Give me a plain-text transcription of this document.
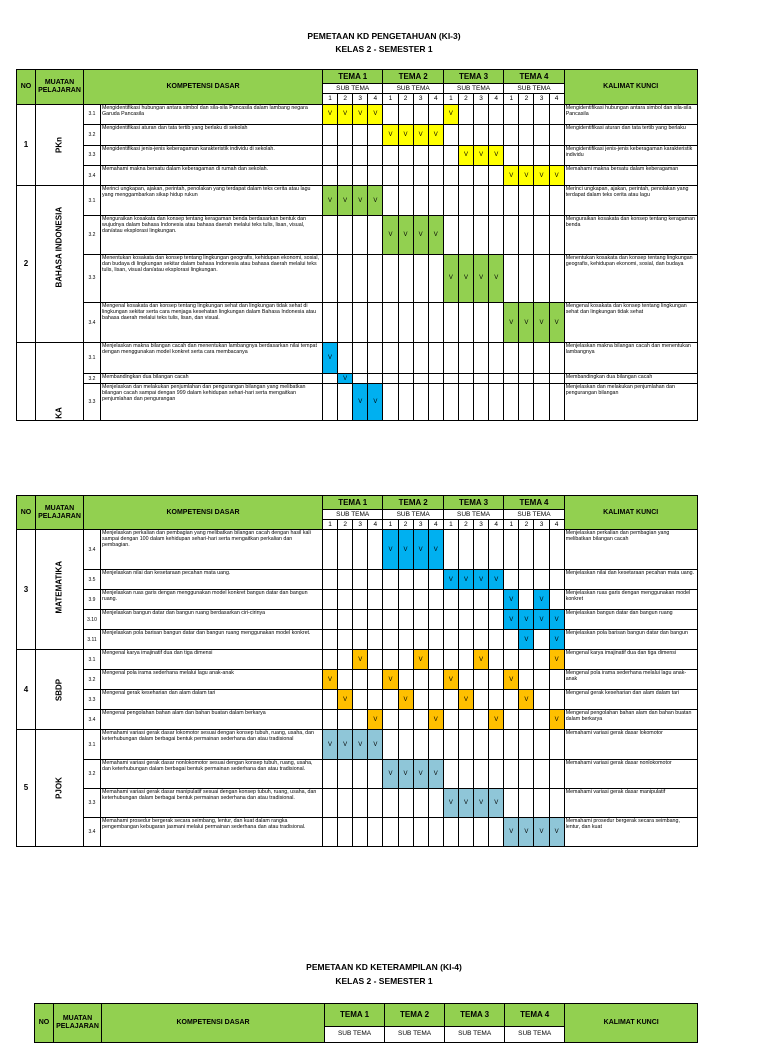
PEMETAAN KD PENGETAHUAN (KI-3)
KELAS 2 - SEMESTER 1
NO	MUATAN PELAJARAN	KOMPETENSI DASAR		TEMA 1				TEMA 2				TEMA 3				TEMA 4				KALIMAT KUNCI	
				SUB TEMA				SUB TEMA				SUB TEMA				SUB TEMA					
				1	2	3	4	1	2	3	4	1	2	3	4	1	2	3	4				
1	PKn	3.1	Mengidentifikasi hubungan antara simbol dan sila-sila Pancasila dalam lambang negara Garuda Pancasila	V	V	V	V					V								Mengidentifikasi hubungan antara simbol dan sila-sila Pancasila	
		3.2	Mengidentifikasi aturan dan tata tertib yang berlaku di sekolah					V	V	V	V									Mengidentifikasi aturan dan tata tertib yang berlaku	
		3.3	Mengidentifikasi jenis-jenis keberagaman karakteristik individu di sekolah.										V	V	V					Mengidentifikasi jenis-jenis keberagaman karakteristik individu	
		3.4	Memahami makna bersatu dalam keberagaman di rumah dan sekolah.													V	V	V	V	Memahami makna bersatu dalam keberagaman	
2	BAHASA INDONESIA	3.1	Merinci ungkapan, ajakan, perintah, penolakan yang terdapat dalam teks cerita atau lagu yang menggambarkan sikap hidup rukun	V	V	V	V													Merinci ungkapan, ajakan, perintah, penolakan yang terdapat dalam teks cerita atau lagu	
		3.2	Menguraikan kosakata dan konsep tentang keragaman benda berdasarkan bentuk dan wujudnya dalam bahasa Indonesia atau bahasa daerah melalui teks tulis, lisan, visual, dan/atau eksplorasi lingkungan.					V	V	V	V									Menguraikan kosakata dan konsep tentang keragaman benda	
		3.3	Menentukan kosakata dan konsep tentang lingkungan geografis, kehidupan ekonomi, sosial, dan budaya di lingkungan sekitar dalam bahasa Indonesia atau bahasa daerah melalui teks tulis, lisan, visual dan/atau eksplorasi lingkungan.									V	V	V	V					Menentukan kosakata dan konsep tentang lingkungan geografis, kehidupan ekonomi, sosial, dan budaya	
		3.4	Mengenal kosakata dan konsep tentang lingkungan sehat dan lingkungan tidak sehat di lingkungan sekitar serta cara menjaga kesehatan lingkungan dalam Bahasa Indonesia atau bahasa daerah melalui teks tulis, lisan, dan visual.													V	V	V	V	Mengenal kosakata dan konsep tentang lingkungan sehat dan lingkungan tidak sehat	

	KA	3.1	Menjelaskan makna bilangan cacah dan menentukan lambangnya berdasarkan nilai tempat dengan menggunakan model konkret serta cara membacanya	V																Menjelaskan makna bilangan cacah dan menentukan lambangnya	
		3.2	Membandingkan dua bilangan cacah		V															Membandingkan dua bilangan cacah	
		3.3	Menjelaskan dan melakukan penjumlahan dan pengurangan bilangan yang melibatkan bilangan cacah sampai dengan 999 dalam kehidupan sehari-hari serta mengaitkan penjumlahan dan pengurangan			V	V													Menjelaskan dan melakukan penjumlahan dan pengurangan bilangan	
NO	MUATAN PELAJARAN	KOMPETENSI DASAR		TEMA 1				TEMA 2				TEMA 3				TEMA 4				KALIMAT KUNCI
				SUB TEMA				SUB TEMA				SUB TEMA				SUB TEMA				
				1	2	3	4	1	2	3	4	1	2	3	4	1	2	3	4	
3	MATEMATIKA	3.4	Menjelaskan perkalian dan pembagian yang melibatkan bilangan cacah dengan hasil kali sampai dengan 100 dalam kehidupan sehari-hari serta mengaitkan perkalian dan pembagian.					V	V	V	V									Menjelaskan perkalian dan pembagian yang melibatkan bilangan cacah
		3.5	Menjelaskan nilai dan kesetaraan pecahan mata uang.									V	V	V	V					Menjelaskan nilai dan kesetaraan pecahan mata uang.
		3.9	Menjelaskan ruas garis dengan menggunakan model konkret bangun datar dan bangun ruang.													V		V		Menjelaskan ruas garis dengan menggunakan model konkret
		3.10	Menjelaskan bangun datar dan bangun ruang berdasarkan ciri-cirinya													V	V	V	V	Menjelaskan bangun datar dan bangun ruang
		3.11	Menjelaskan pola barisan bangun datar dan bangun ruang menggunakan model konkret.														V		V	Menjelaskan pola barisan bangun datar dan bangun
4	SBDP	3.1	Mengenal karya imajinatif dua dan tiga dimensi			V				V				V					V	Mengenal karya imajinatif dua dan tiga dimensi
		3.2	Mengenal pola irama sederhana melalui lagu anak-anak	V				V				V				V				Mengenal pola irama sederhana melalui lagu anak-anak
		3.3	Mengenal gerak keseharian dan alam dalam tari		V				V				V				V			Mengenal gerak keseharian dan alam dalam tari
		3.4	Mengenal pengolahan bahan alam dan bahan buatan dalam berkarya				V				V				V				V	Mengenal pengolahan bahan alam dan bahan buatan dalam berkarya
5	PJOK	3.1	Memahami variasi gerak dasar lokomotor sesuai dengan konsep tubuh, ruang, usaha, dan keterhubungan dalam berbagai bentuk permainan sederhana dan atau tradisional	V	V	V	V													Memahami variasi gerak dasar lokomotor
		3.2	Memahami variasi gerak dasar nonlokomotor sesuai dengan konsep tubuh, ruang, usaha, dan keterhubungan dalam berbagai bentuk permainan sederhana dan atau tradisional.					V	V	V	V									Memahami variasi gerak dasar nonlokomotor
		3.3	Memahami variasi gerak dasar manipulatif sesuai dengan konsep tubuh, ruang, usaha, dan keterhubungan dalam berbagai bentuk permainan sederhana dan atau tradisional.									V	V	V	V					Memahami variasi gerak dasar manipulatif
		3.4	Memahami prosedur bergerak secara seimbang, lentur, dan kuat dalam rangka pengembangan kebugaran jasmani melalui permainan sederhana dan atau tradisional.													V	V	V	V	Memahami prosedur bergerak secara seimbang, lentur, dan kuat
PEMETAAN KD KETERAMPILAN (KI-4)
KELAS 2 - SEMESTER 1
NO	MUATAN PELAJARAN	KOMPETENSI DASAR	TEMA 1	TEMA 2	TEMA 3	TEMA 4	KALIMAT KUNCI
			SUB TEMA	SUB TEMA	SUB TEMA	SUB TEMA	
